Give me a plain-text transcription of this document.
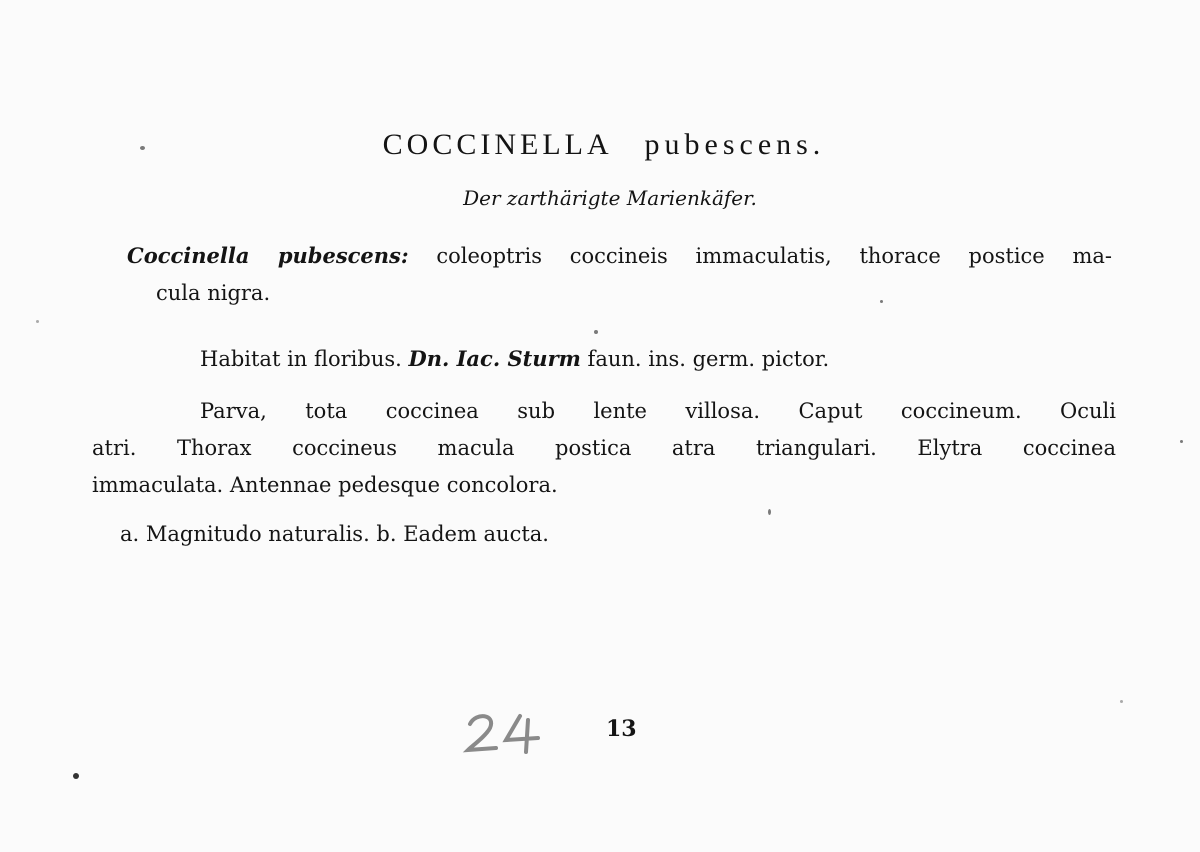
COCCINELLA pubescens.
Der zarthärigte Marienkäfer.
Coccinella pubescens: coleoptris coccineis immaculatis, thorace postice ma-
cula nigra.
Habitat in floribus. Dn. Iac. Sturm faun. ins. germ. pictor.
Parva, tota coccinea sub lente villosa. Caput coccineum. Oculi
atri. Thorax coccineus macula postica atra triangulari. Elytra coccinea
immaculata. Antennae pedesque concolora.
a. Magnitudo naturalis. b. Eadem aucta.
13
